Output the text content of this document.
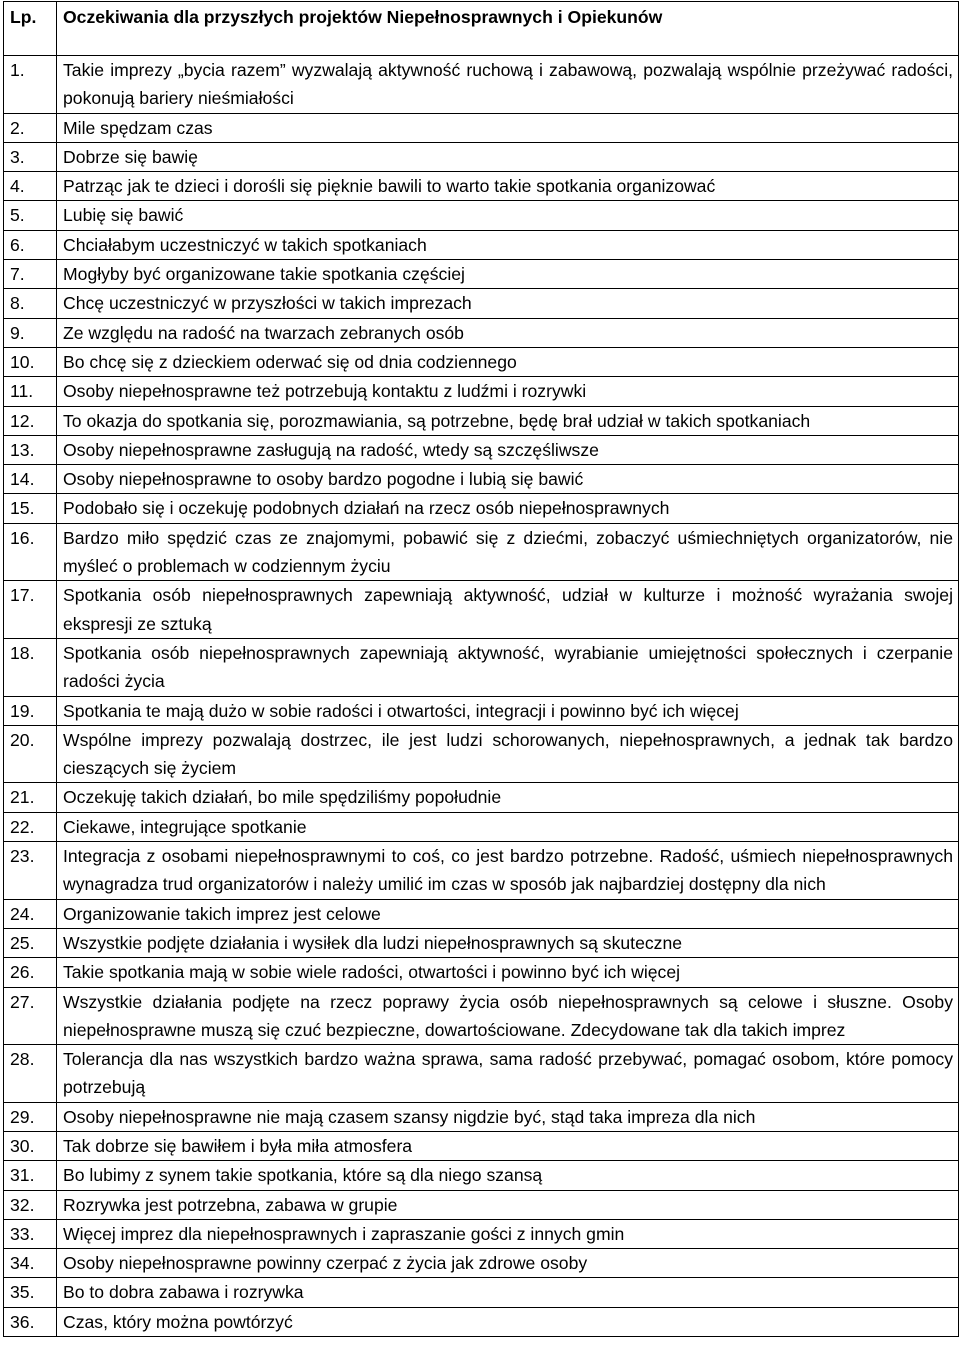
Lp.	Oczekiwania dla przyszłych projektów Niepełnosprawnych i Opiekunów
1.	Takie imprezy „bycia razem” wyzwalają aktywność ruchową i zabawową, pozwalają wspólnie przeżywać radości, pokonują bariery nieśmiałości
2.	Mile spędzam czas
3.	Dobrze się bawię
4.	Patrząc jak te dzieci i dorośli się pięknie bawili to warto takie spotkania organizować
5.	Lubię się bawić
6.	Chciałabym uczestniczyć w takich spotkaniach
7.	Mogłyby być organizowane takie spotkania częściej
8.	Chcę uczestniczyć w przyszłości w takich imprezach
9.	Ze względu na radość na twarzach zebranych osób
10.	Bo chcę się z dzieckiem oderwać się od dnia codziennego
11.	Osoby niepełnosprawne też potrzebują kontaktu z ludźmi i rozrywki
12.	To okazja do spotkania się, porozmawiania, są potrzebne, będę brał udział w takich spotkaniach
13.	Osoby niepełnosprawne zasługują na radość, wtedy są szczęśliwsze
14.	Osoby niepełnosprawne to osoby bardzo pogodne i lubią się bawić
15.	Podobało się i oczekuję podobnych działań na rzecz osób niepełnosprawnych
16.	Bardzo miło spędzić czas ze znajomymi, pobawić się z dziećmi, zobaczyć uśmiechniętych organizatorów, nie myśleć o problemach w codziennym życiu
17.	Spotkania osób niepełnosprawnych zapewniają aktywność, udział w kulturze i możność wyrażania swojej ekspresji ze sztuką
18.	Spotkania osób niepełnosprawnych zapewniają aktywność, wyrabianie umiejętności społecznych i czerpanie radości życia
19.	Spotkania te mają dużo w sobie radości i otwartości, integracji i powinno być ich więcej
20.	Wspólne imprezy pozwalają dostrzec, ile jest ludzi schorowanych, niepełnosprawnych, a jednak tak bardzo cieszących się życiem
21.	Oczekuję takich działań, bo mile spędziliśmy popołudnie
22.	Ciekawe, integrujące spotkanie
23.	Integracja z osobami niepełnosprawnymi to coś, co jest bardzo potrzebne. Radość, uśmiech niepełnosprawnych wynagradza trud organizatorów i należy umilić im czas w sposób jak najbardziej dostępny dla nich
24.	Organizowanie takich imprez jest celowe
25.	Wszystkie podjęte działania i wysiłek dla ludzi niepełnosprawnych są skuteczne
26.	Takie spotkania mają w sobie wiele radości, otwartości i powinno być ich więcej
27.	Wszystkie działania podjęte na rzecz poprawy życia osób niepełnosprawnych są celowe i słuszne. Osoby niepełnosprawne muszą się czuć bezpieczne, dowartościowane. Zdecydowane tak dla takich imprez
28.	Tolerancja dla nas wszystkich bardzo ważna sprawa, sama radość przebywać, pomagać osobom, które pomocy potrzebują
29.	Osoby niepełnosprawne nie mają czasem szansy nigdzie być, stąd taka impreza dla nich
30.	Tak dobrze się bawiłem i była miła atmosfera
31.	Bo lubimy z synem takie spotkania, które są dla niego szansą
32.	Rozrywka jest potrzebna, zabawa w grupie
33.	Więcej imprez dla niepełnosprawnych i zapraszanie gości z innych gmin
34.	Osoby niepełnosprawne powinny czerpać z życia jak zdrowe osoby
35.	Bo to dobra zabawa i rozrywka
36.	Czas, który można powtórzyć
